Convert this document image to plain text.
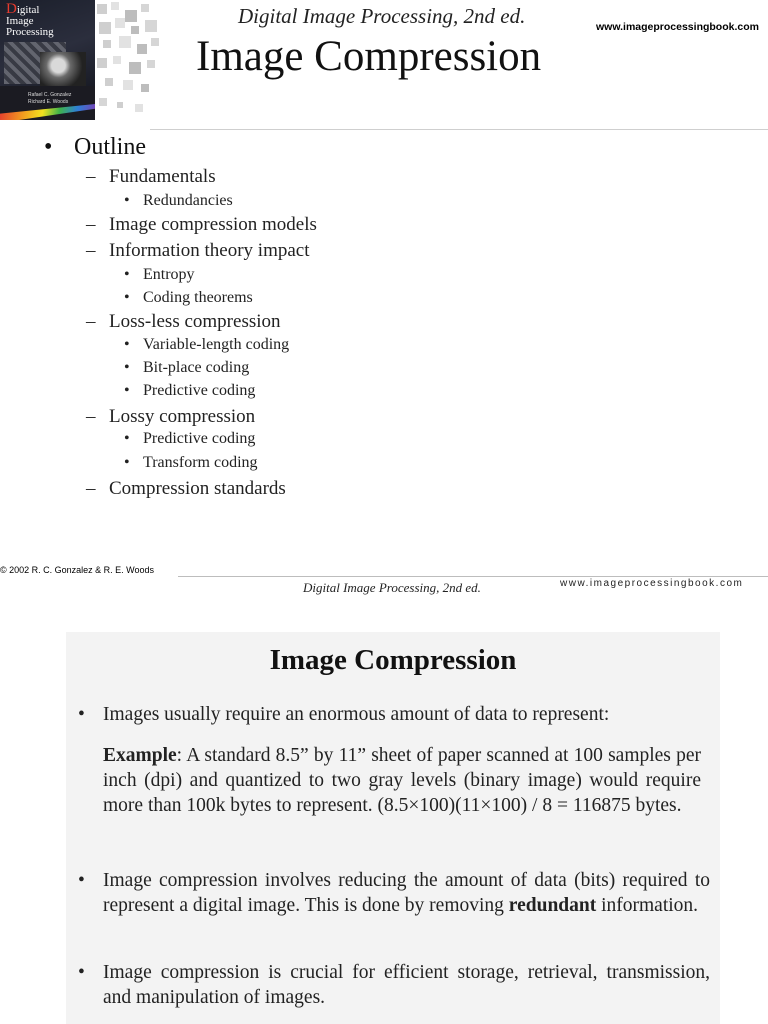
Digital
Image
Processing
Rafael C. Gonzalez
Richard E. Woods
Digital Image Processing, 2nd ed.	www.imageprocessingbook.com
Image Compression
• Outline
– Fundamentals
• Redundancies
– Image compression models
– Information theory impact
• Entropy
• Coding theorems
– Loss-less compression
• Variable-length coding
• Bit-place coding
• Predictive coding
– Lossy compression
• Predictive coding
• Transform coding
– Compression standards
© 2002 R. C. Gonzalez & R. E. Woods
Digital Image Processing, 2nd ed.	www.imageprocessingbook.com
Image Compression
• Images usually require an enormous amount of data to represent:
Example: A standard 8.5” by 11” sheet of paper scanned at 100 samples per inch (dpi) and quantized to two gray levels (binary image) would require more than 100k bytes to represent. (8.5×100)(11×100) / 8 = 116875 bytes.
• Image compression involves reducing the amount of data (bits) required to represent a digital image. This is done by removing redundant information.
• Image compression is crucial for efficient storage, retrieval, transmission, and manipulation of images.
